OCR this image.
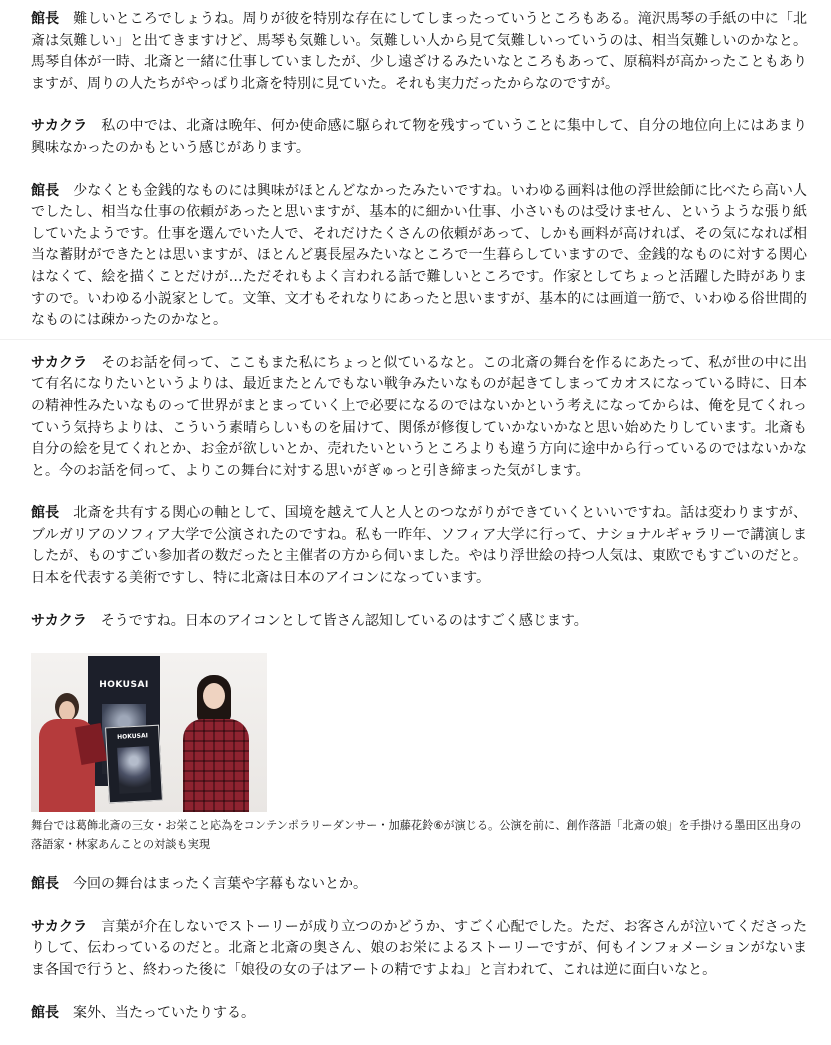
館長 難しいところでしょうね。周りが彼を特別な存在にしてしまったっていうところもある。滝沢馬琴の手紙の中に「北斎は気難しい」と出てきますけど、馬琴も気難しい。気難しい人から見て気難しいっていうのは、相当気難しいのかなと。 馬琴自体が一時、北斎と一緒に仕事していましたが、少し遠ざけるみたいなところもあって、原稿料が高かったこともありますが、周りの人たちがやっぱり北斎を特別に見ていた。それも実力だったからなのですが。

サカクラ 私の中では、北斎は晩年、何か使命感に駆られて物を残すっていうことに集中して、自分の地位向上にはあまり興味なかったのかもという感じがあります。

館長 少なくとも金銭的なものには興味がほとんどなかったみたいですね。いわゆる画料は他の浮世絵師に比べたら高い人でしたし、相当な仕事の依頼があったと思いますが、基本的に細かい仕事、小さいものは受けません、というような張り紙していたようです。仕事を選んでいた人で、それだけたくさんの依頼があって、しかも画料が高ければ、その気になれば相当な蓄財ができたとは思いますが、ほとんど裏長屋みたいなところで一生暮らしていますので、金銭的なものに対する関心はなくて、絵を描くことだけが…ただそれもよく言われる話で難しいところです。作家としてちょっと活躍した時がありますので。いわゆる小説家として。文筆、文才もそれなりにあったと思いますが、基本的には画道一筋で、いわゆる俗世間的なものには疎かったのかなと。

サカクラ そのお話を伺って、ここもまた私にちょっと似ているなと。この北斎の舞台を作るにあたって、私が世の中に出て有名になりたいというよりは、最近またとんでもない戦争みたいなものが起きてしまってカオスになっている時に、日本の精神性みたいなものって世界がまとまっていく上で必要になるのではないかという考えになってからは、俺を見てくれっていう気持ちよりは、こういう素晴らしいものを届けて、関係が修復していかないかなと思い始めたりしています。北斎も自分の絵を見てくれとか、お金が欲しいとか、売れたいというところよりも違う方向に途中から行っているのではないかなと。今のお話を伺って、よりこの舞台に対する思いがぎゅっと引き締まった気がします。

館長 北斎を共有する関心の軸として、国境を越えて人と人とのつながりができていくといいですね。話は変わりますが、ブルガリアのソフィア大学で公演されたのですね。私も一昨年、ソフィア大学に行って、ナショナルギャラリーで講演しましたが、ものすごい参加者の数だったと主催者の方から伺いました。やはり浮世絵の持つ人気は、東欧でもすごいのだと。日本を代表する美術ですし、特に北斎は日本のアイコンになっています。

サカクラ そうですね。日本のアイコンとして皆さん認知しているのはすごく感じます。

HOKUSAI
HOKUSAI
舞台では葛飾北斎の三女・お栄こと応為をコンテンポラリーダンサー・加藤花鈴⑥が演じる。公演を前に、創作落語「北斎の娘」を手掛ける墨田区出身の落語家・林家あんことの対談も実現

館長 今回の舞台はまったく言葉や字幕もないとか。

サカクラ 言葉が介在しないでストーリーが成り立つのかどうか、すごく心配でした。ただ、お客さんが泣いてくださったりして、伝わっているのだと。北斎と北斎の奥さん、娘のお栄によるストーリーですが、何もインフォメーションがないまま各国で行うと、終わった後に「娘役の女の子はアートの精ですよね」と言われて、これは逆に面白いなと。

館長 案外、当たっていたりする。
